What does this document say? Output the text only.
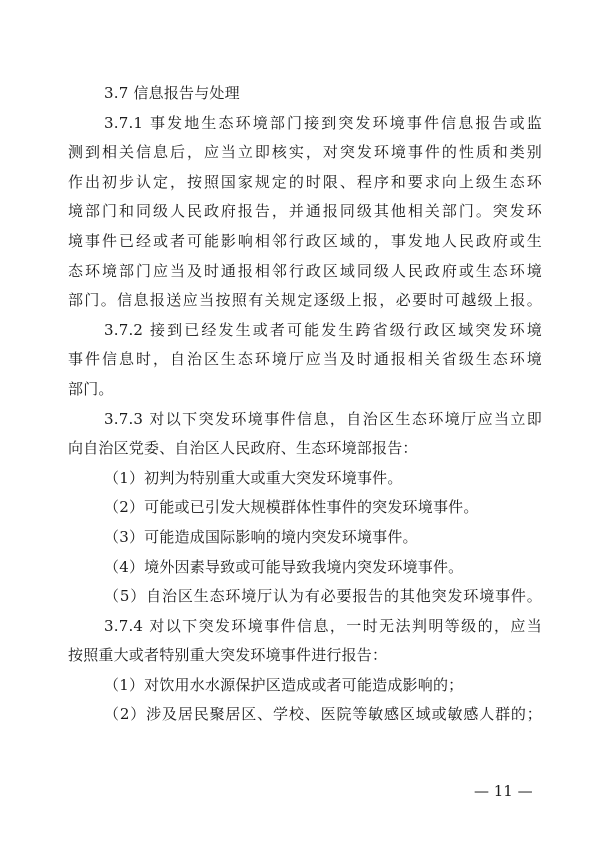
3.7 信息报告与处理
3.7.1 事发地生态环境部门接到突发环境事件信息报告或监
测到相关信息后，应当立即核实，对突发环境事件的性质和类别
作出初步认定，按照国家规定的时限、程序和要求向上级生态环
境部门和同级人民政府报告，并通报同级其他相关部门。突发环
境事件已经或者可能影响相邻行政区域的，事发地人民政府或生
态环境部门应当及时通报相邻行政区域同级人民政府或生态环境
部门。信息报送应当按照有关规定逐级上报，必要时可越级上报。
3.7.2 接到已经发生或者可能发生跨省级行政区域突发环境
事件信息时，自治区生态环境厅应当及时通报相关省级生态环境
部门。
3.7.3 对以下突发环境事件信息，自治区生态环境厅应当立即
向自治区党委、自治区人民政府、生态环境部报告：
（1）初判为特别重大或重大突发环境事件。
（2）可能或已引发大规模群体性事件的突发环境事件。
（3）可能造成国际影响的境内突发环境事件。
（4）境外因素导致或可能导致我境内突发环境事件。
（5）自治区生态环境厅认为有必要报告的其他突发环境事件。
3.7.4 对以下突发环境事件信息，一时无法判明等级的，应当
按照重大或者特别重大突发环境事件进行报告：
（1）对饮用水水源保护区造成或者可能造成影响的；
（2）涉及居民聚居区、学校、医院等敏感区域或敏感人群的；
— 11 —
